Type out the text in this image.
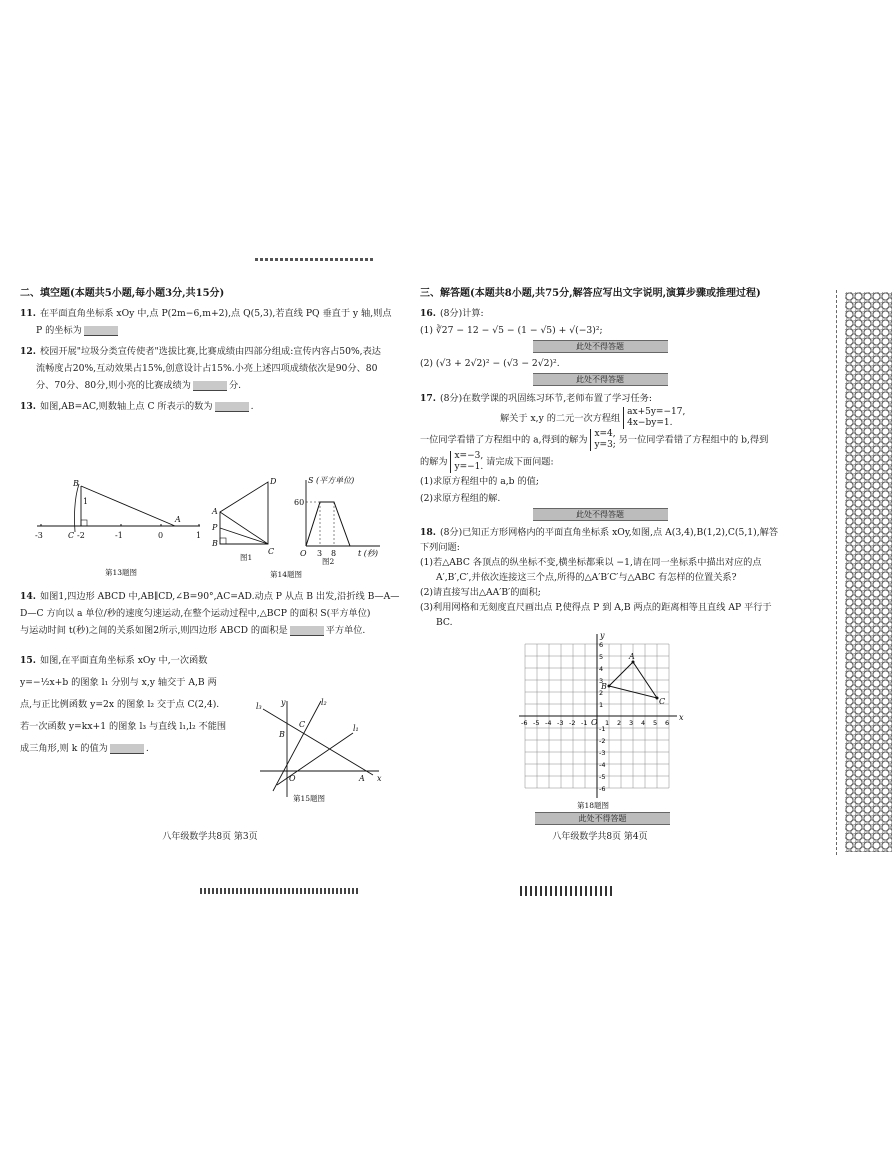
二、填空题(本题共5小题,每小题3分,共15分)
11. 在平面直角坐标系 xOy 中,点 P(2m−6,m+2),点 Q(5,3),若直线 PQ 垂直于 y 轴,则点
P 的坐标为
12. 校园开展"垃圾分类宣传使者"选拔比赛,比赛成绩由四部分组成:宣传内容占50%,表达
流畅度占20%,互动效果占15%,创意设计占15%.小亮上述四项成绩依次是90分、80
分、70分、80分,则小亮的比赛成绩为	分.
13. 如图,AB=AC,则数轴上点 C 所表示的数为	.
B
1
A
C
-3	-2	-1	0	1
第13题图
D
A
P
B
C
图1
S (平方单位)
t (秒)
60
O 3 8
图2
第14题图
14. 如图1,四边形 ABCD 中,AB∥CD,∠B=90°,AC=AD.动点 P 从点 B 出发,沿折线 B—A—
D—C 方向以 a 单位/秒的速度匀速运动,在整个运动过程中,△BCP 的面积 S(平方单位)
与运动时间 t(秒)之间的关系如图2所示,则四边形 ABCD 的面积是	平方单位.
15. 如图,在平面直角坐标系 xOy 中,一次函数
y=−½x+b 的图象 l₁ 分别与 x,y 轴交于 A,B 两
点,与正比例函数 y=2x 的图象 l₂ 交于点 C(2,4).
若一次函数 y=kx+1 的图象 l₃ 与直线 l₁,l₂ 不能围
成三角形,则 k 的值为	.
y
x
O	A
B
C
l₃	l₂
l₁
第15题图
八年级数学共8页 第3页
三、解答题(本题共8小题,共75分,解答应写出文字说明,演算步骤或推理过程)
16. (8分)计算:
(1) ∛27 − 12 − √5 − (1 − √5) + √(−3)²;
此处不得答题
(2) (√3 + 2√2)² − (√3 − 2√2)².
此处不得答题
17. (8分)在数学课的巩固练习环节,老师布置了学习任务:
解关于 x,y 的二元一次方程组 ax+5y=−17,
4x−by=1.
一位同学看错了方程组中的 a,得到的解为 x=4,
y=3; 另一位同学看错了方程组中的 b,得到
的解为 x=−3,
y=−1. 请完成下面问题:
(1)求原方程组中的 a,b 的值;
(2)求原方程组的解.
此处不得答题
18. (8分)已知正方形网格内的平面直角坐标系 xOy,如图,点 A(3,4),B(1,2),C(5,1),解答
下列问题:
(1)若△ABC 各顶点的纵坐标不变,横坐标都乘以 −1,请在同一坐标系中描出对应的点
A′,B′,C′,并依次连接这三个点,所得的△A′B′C′与△ABC 有怎样的位置关系?
(2)请直接写出△AA′B′的面积;
(3)利用网格和无刻度直尺画出点 P,使得点 P 到 A,B 两点的距离相等且直线 AP 平行于
BC.
A
B
C
x
y
O
-6 -5 -4 -3 -2 -1	1 2 3 4 5 6
6
5
4
3
2
1
-1
-2
-3
-4
-5
-6
第18题图
此处不得答题
八年级数学共8页 第4页
